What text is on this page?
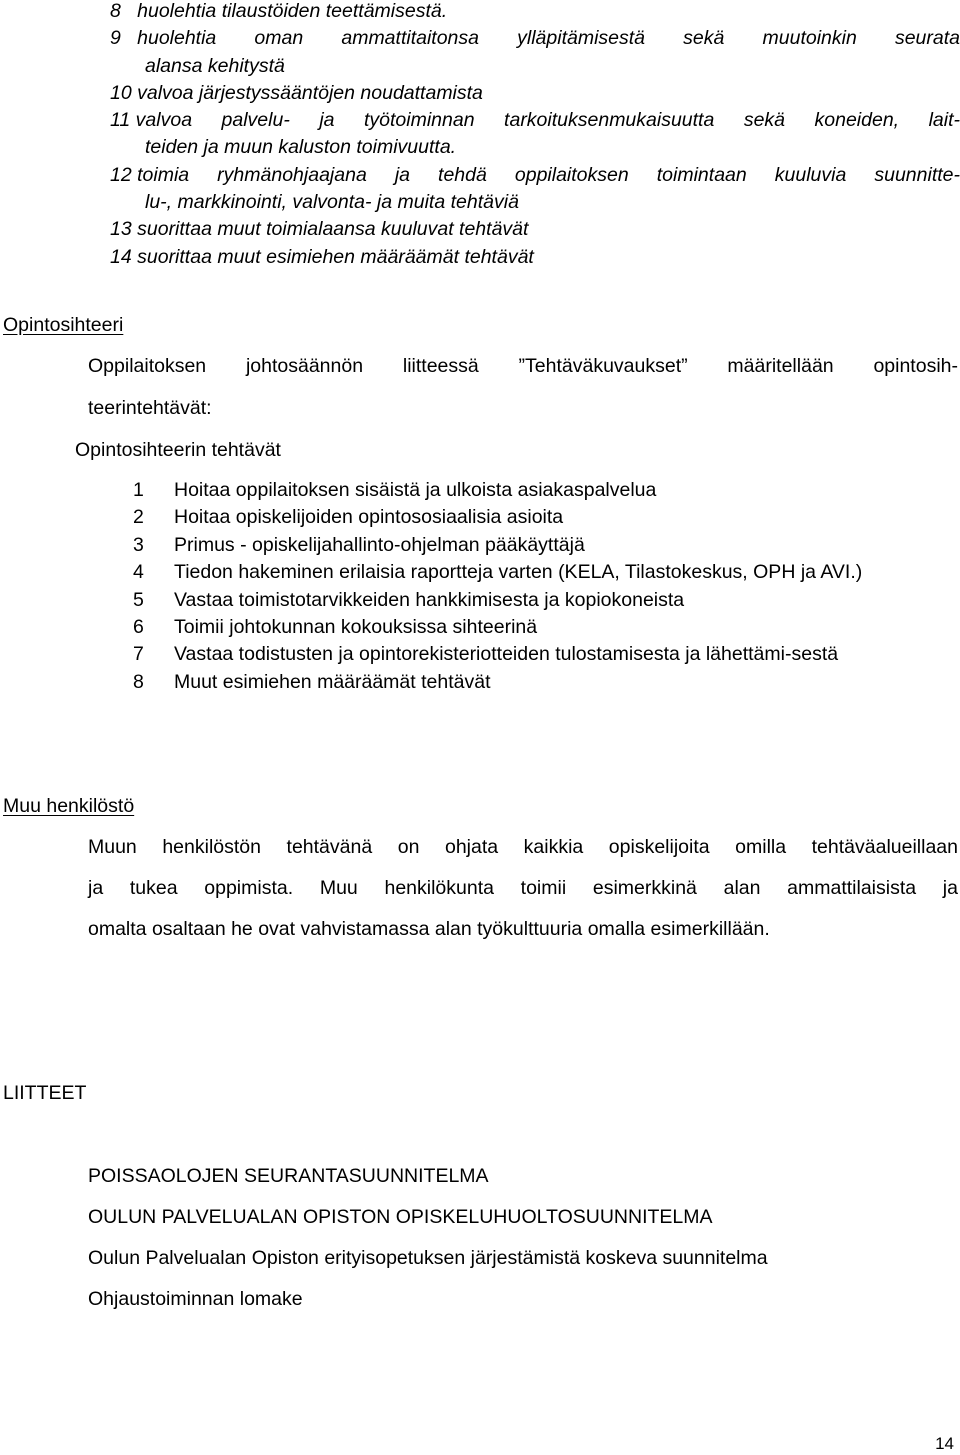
8
huolehtia tilaustöiden teettämisestä.
9
huolehtia oman ammattitaitonsa ylläpitämisestä sekä muutoinkin seurata
alansa kehitystä
10
valvoa järjestyssääntöjen noudattamista
11
valvoa palvelu- ja työtoiminnan tarkoituksenmukaisuutta sekä koneiden, lait-
teiden ja muun kaluston toimivuutta.
12
toimia ryhmänohjaajana ja tehdä oppilaitoksen toimintaan kuuluvia suunnitte-
lu-, markkinointi, valvonta- ja muita tehtäviä
13
suorittaa muut toimialaansa kuuluvat tehtävät
14
suorittaa muut esimiehen määräämät tehtävät
Opintosihteeri
Oppilaitoksen johtosäännön liitteessä ”Tehtäväkuvaukset” määritellään opintosih-
teerintehtävät:
Opintosihteerin tehtävät
1	Hoitaa oppilaitoksen sisäistä ja ulkoista asiakaspalvelua
2	Hoitaa opiskelijoiden opintososiaalisia asioita
3	Primus - opiskelijahallinto-ohjelman pääkäyttäjä
4	Tiedon hakeminen erilaisia raportteja varten (KELA, Tilastokeskus, OPH ja AVI.)
5	Vastaa toimistotarvikkeiden hankkimisesta ja kopiokoneista
6	Toimii johtokunnan kokouksissa sihteerinä
7	Vastaa todistusten ja opintorekisteriotteiden tulostamisesta ja lähettämi-sestä
8	Muut esimiehen määräämät tehtävät
Muu henkilöstö
Muun henkilöstön tehtävänä on ohjata kaikkia opiskelijoita omilla tehtäväalueillaan
ja tukea oppimista. Muu henkilökunta toimii esimerkkinä alan ammattilaisista ja
omalta osaltaan he ovat vahvistamassa alan työkulttuuria omalla esimerkillään.
LIITTEET
POISSAOLOJEN SEURANTASUUNNITELMA
OULUN PALVELUALAN OPISTON OPISKELUHUOLTOSUUNNITELMA
Oulun Palvelualan Opiston erityisopetuksen järjestämistä koskeva suunnitelma
Ohjaustoiminnan lomake
14
